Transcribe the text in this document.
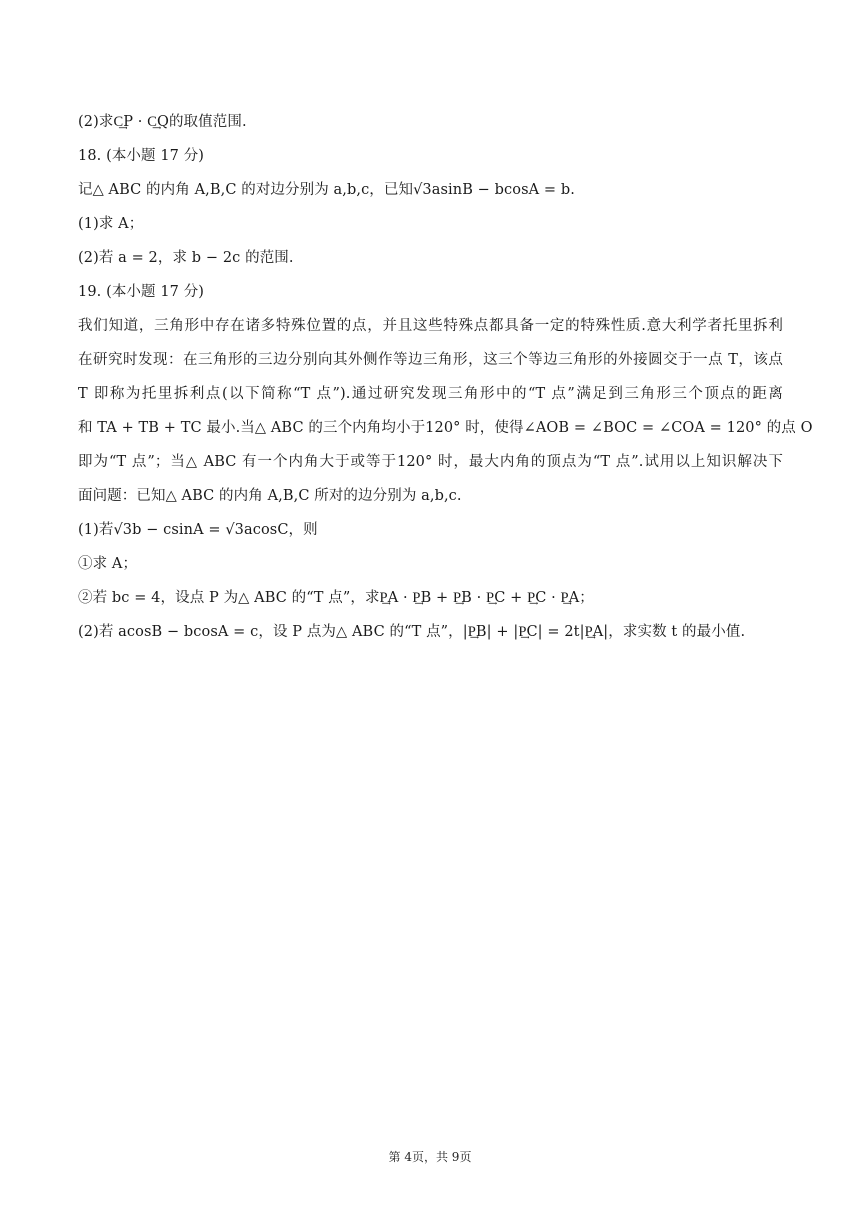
(2)求C͢P · C͢Q的取值范围.
18. (本小题 17 分)
记△ ABC 的内角 A,B,C 的对边分别为 a,b,c，已知√3asinB − bcosA = b.
(1)求 A；
(2)若 a = 2，求 b − 2c 的范围.
19. (本小题 17 分)
我们知道，三角形中存在诸多特殊位置的点，并且这些特殊点都具备一定的特殊性质.意大利学者托里拆利
在研究时发现：在三角形的三边分别向其外侧作等边三角形，这三个等边三角形的外接圆交于一点 T，该点
T 即称为托里拆利点(以下简称“T 点”).通过研究发现三角形中的“T 点”满足到三角形三个顶点的距离
和 TA + TB + TC 最小.当△ ABC 的三个内角均小于120° 时，使得∠AOB = ∠BOC = ∠COA = 120° 的点 O
即为“T 点”；当△ ABC 有一个内角大于或等于120° 时，最大内角的顶点为“T 点”.试用以上知识解决下
面问题：已知△ ABC 的内角 A,B,C 所对的边分别为 a,b,c.
(1)若√3b − csinA = √3acosC，则
①求 A；
②若 bc = 4，设点 P 为△ ABC 的“T 点”，求P͢A · P͢B + P͢B · P͢C + P͢C · P͢A；
(2)若 acosB − bcosA = c，设 P 点为△ ABC 的“T 点”，|P͢B| + |P͢C| = 2t|P͢A|，求实数 t 的最小值.
第 4页，共 9页
